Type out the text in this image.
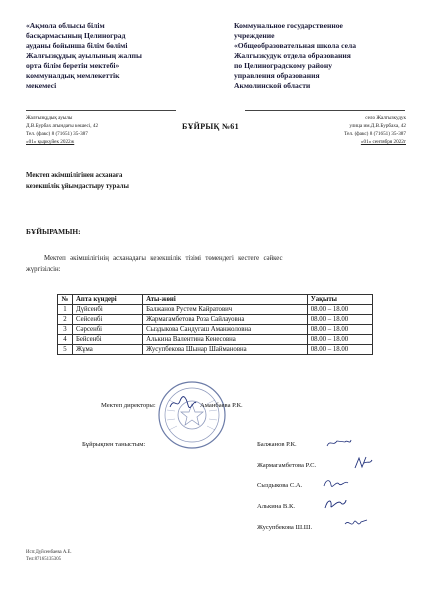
«Ақмола облысы білім
басқармасының Целиноград
ауданы бойынша білім бөлімі
Жалғызқұдық ауылының жалпы
орта білім беретін мектебі»
коммуналдық мемлекеттік
мекемесі
Коммунальное государственное
учреждение
«Общеобразовательная школа села
Жалгызкудук отдела образования
по Целиноградскому району
управления образования
Акмолинской области
Жалғызқұдық ауылы
Д.В.Бурбах атындағы көшесі, 42
Тел. (факс) 8 (71651) 35-387
«01» қыркүйек 2022ж
БҰЙРЫҚ №61
село Жалгызкудук
улица им.Д.В.Бурбаха, 42
Тел. (факс) 8 (71651) 35-387
«01» сентября 2022г
Мектеп әкімшілігінен асханаға
кезекшілік ұйымдастыру туралы
БҰЙЫРАМЫН:
Мектеп әкімшілігінің асханадағы кезекшілік тізімі төмендегі кестеге сәйкес
жүргізілсін:
№	Апта күндері	Аты-жөні	Уақыты
1	Дүйсенбі	Балжанов Рустем Кайратович	08.00 – 18.00
2	Сейсенбі	Жармагамбетова Роза Сайлауовна	08.00 – 18.00
3	Сәрсенбі	Сыздыкова Сандугаш Аманжоловна	08.00 – 18.00
4	Бейсенбі	Алькина Валентина Кенесовна	08.00 – 18.00
5	Жұма	Жусупбекова Шынар Шаймановна	08.00 – 18.00
Мектеп директоры:	Аманбаева Р.К.
Бұйрықпен таныстым:	Балжанов Р.К.
Жармагамбетова Р.С.
Сыздыкова С.А.
Алькина В.К.
Жусупбекова Ш.Ш.
Исп:Дүйсенбаева А.Е.
Тел:87165135305
